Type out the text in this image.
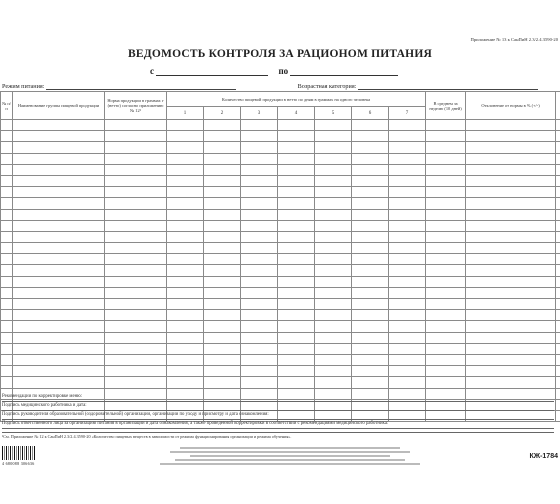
Приложение № 13 к СанПиН 2.3/2.4.3590-20
ВЕДОМОСТЬ КОНТРОЛЯ ЗА РАЦИОНОМ ПИТАНИЯ
с	по
Режим питания:	Возрастная категория:
№ п/п	Наименование группы пищевой продукции	Норма продукции в граммах г (нетто) согласно приложению № 12¹	Количество пищевой продукции в нетто по дням в граммах на одного человека							В среднем за неделю (10 дней)	Отклонение от нормы в % (+/-)	
			1	2	3	4	5	6	7			

Рекомендации по корректировке меню:
Подпись медицинского работника и дата:
Подпись руководителя образовательной (оздоровительной) организации, организации по уходу и присмотру и дата ознакомления:
Подпись ответственного лица за организацию питания в организации и дата ознакомления, а также проведенной корректировки в соответствии с рекомендациями медицинского работника:
¹См. Приложение № 12 к СанПиН 2.3/2.4.3590-20 «Количество пищевых веществ в зависимости от режима функционирования организации и режима обучения».
4 680088 306636
КЖ-1784
